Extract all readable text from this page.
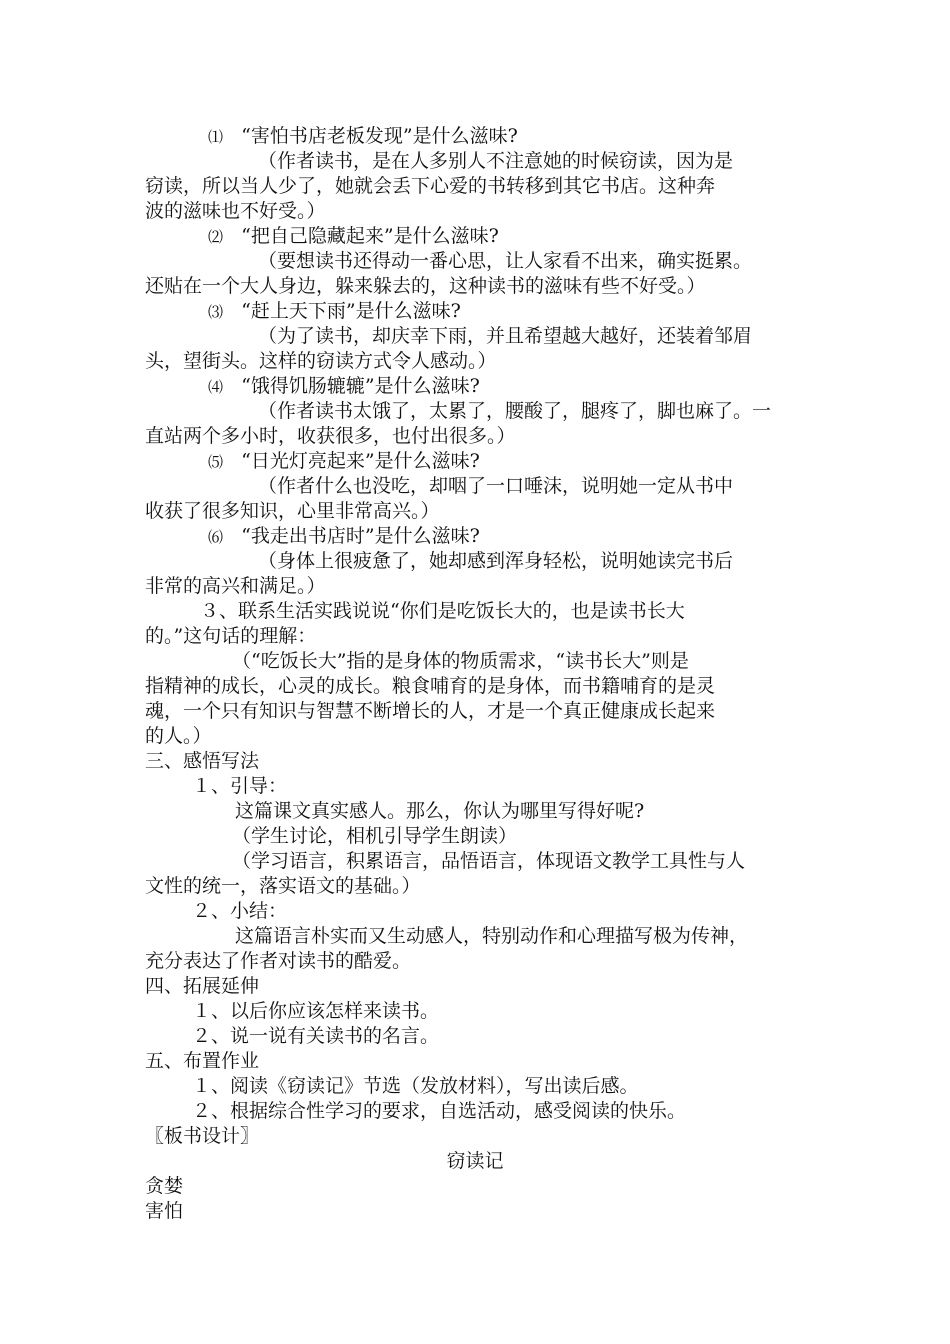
⑴ “害怕书店老板发现”是什么滋味?
（作者读书，是在人多别人不注意她的时候窃读，因为是
窃读，所以当人少了，她就会丢下心爱的书转移到其它书店。这种奔
波的滋味也不好受。）
⑵ “把自己隐藏起来”是什么滋味?
（要想读书还得动一番心思，让人家看不出来，确实挺累。
还贴在一个大人身边，躲来躲去的，这种读书的滋味有些不好受。）
⑶ “赶上天下雨”是什么滋味?
（为了读书，却庆幸下雨，并且希望越大越好，还装着邹眉
头，望街头。这样的窃读方式令人感动。）
⑷ “饿得饥肠辘辘”是什么滋味?
（作者读书太饿了，太累了，腰酸了，腿疼了，脚也麻了。一
直站两个多小时，收获很多，也付出很多。）
⑸ “日光灯亮起来”是什么滋味?
（作者什么也没吃，却咽了一口唾沫，说明她一定从书中
收获了很多知识，心里非常高兴。）
⑹ “我走出书店时”是什么滋味?
（身体上很疲惫了，她却感到浑身轻松，说明她读完书后
非常的高兴和满足。）
３、联系生活实践说说“你们是吃饭长大的，也是读书长大
的。”这句话的理解：
（“吃饭长大”指的是身体的物质需求，“读书长大”则是
指精神的成长，心灵的成长。粮食哺育的是身体，而书籍哺育的是灵
魂，一个只有知识与智慧不断增长的人，才是一个真正健康成长起来
的人。）
三、感悟写法
１、引导：
这篇课文真实感人。那么，你认为哪里写得好呢?
（学生讨论，相机引导学生朗读）
（学习语言，积累语言，品悟语言，体现语文教学工具性与人
文性的统一，落实语文的基础。）
２、小结：
这篇语言朴实而又生动感人，特别动作和心理描写极为传神，
充分表达了作者对读书的酷爱。
四、拓展延伸
１、以后你应该怎样来读书。
２、说一说有关读书的名言。
五、布置作业
１、阅读《窃读记》节选（发放材料），写出读后感。
２、根据综合性学习的要求，自选活动，感受阅读的快乐。
〖板书设计〗
窃读记
贪婪
害怕
